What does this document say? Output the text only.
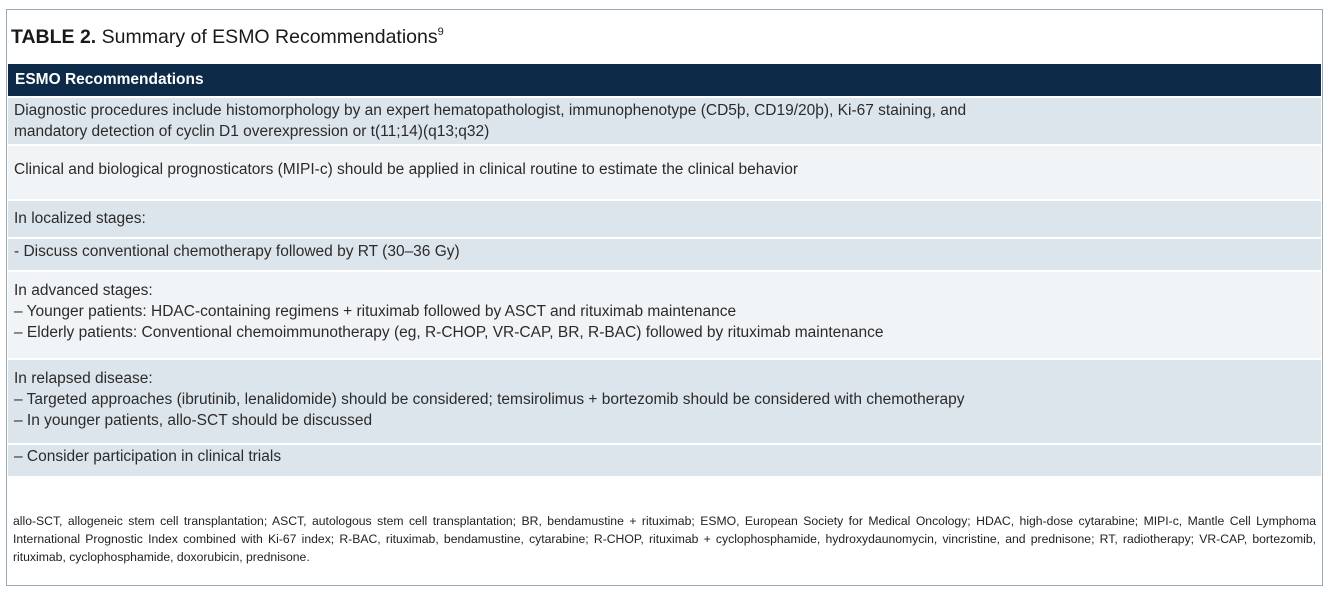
TABLE 2. Summary of ESMO Recommendations$^9$
ESMO Recommendations
Diagnostic procedures include histomorphology by an expert hematopathologist, immunophenotype (CD5þ, CD19/20þ), Ki-67 staining, and
mandatory detection of cyclin D1 overexpression or t(11;14)(q13;q32)
Clinical and biological prognosticators (MIPI-c) should be applied in clinical routine to estimate the clinical behavior
In localized stages:
- Discuss conventional chemotherapy followed by RT (30–36 Gy)
In advanced stages:
– Younger patients: HDAC-containing regimens + rituximab followed by ASCT and rituximab maintenance
– Elderly patients: Conventional chemoimmunotherapy (eg, R-CHOP, VR-CAP, BR, R-BAC) followed by rituximab maintenance
In relapsed disease:
– Targeted approaches (ibrutinib, lenalidomide) should be considered; temsirolimus + bortezomib should be considered with chemotherapy
– In younger patients, allo-SCT should be discussed
– Consider participation in clinical trials
allo-SCT, allogeneic stem cell transplantation; ASCT, autologous stem cell transplantation; BR, bendamustine + rituximab; ESMO, European Society for Medical Oncology; HDAC, high-dose cytarabine; MIPI-c, Mantle Cell Lymphoma International Prognostic Index combined with Ki-67 index; R-BAC, rituximab, bendamustine, cytarabine; R-CHOP, rituximab + cyclophosphamide, hydroxydaunomycin, vincristine, and prednisone; RT, radiotherapy; VR-CAP, bortezomib, rituximab, cyclophosphamide, doxorubicin, prednisone.
